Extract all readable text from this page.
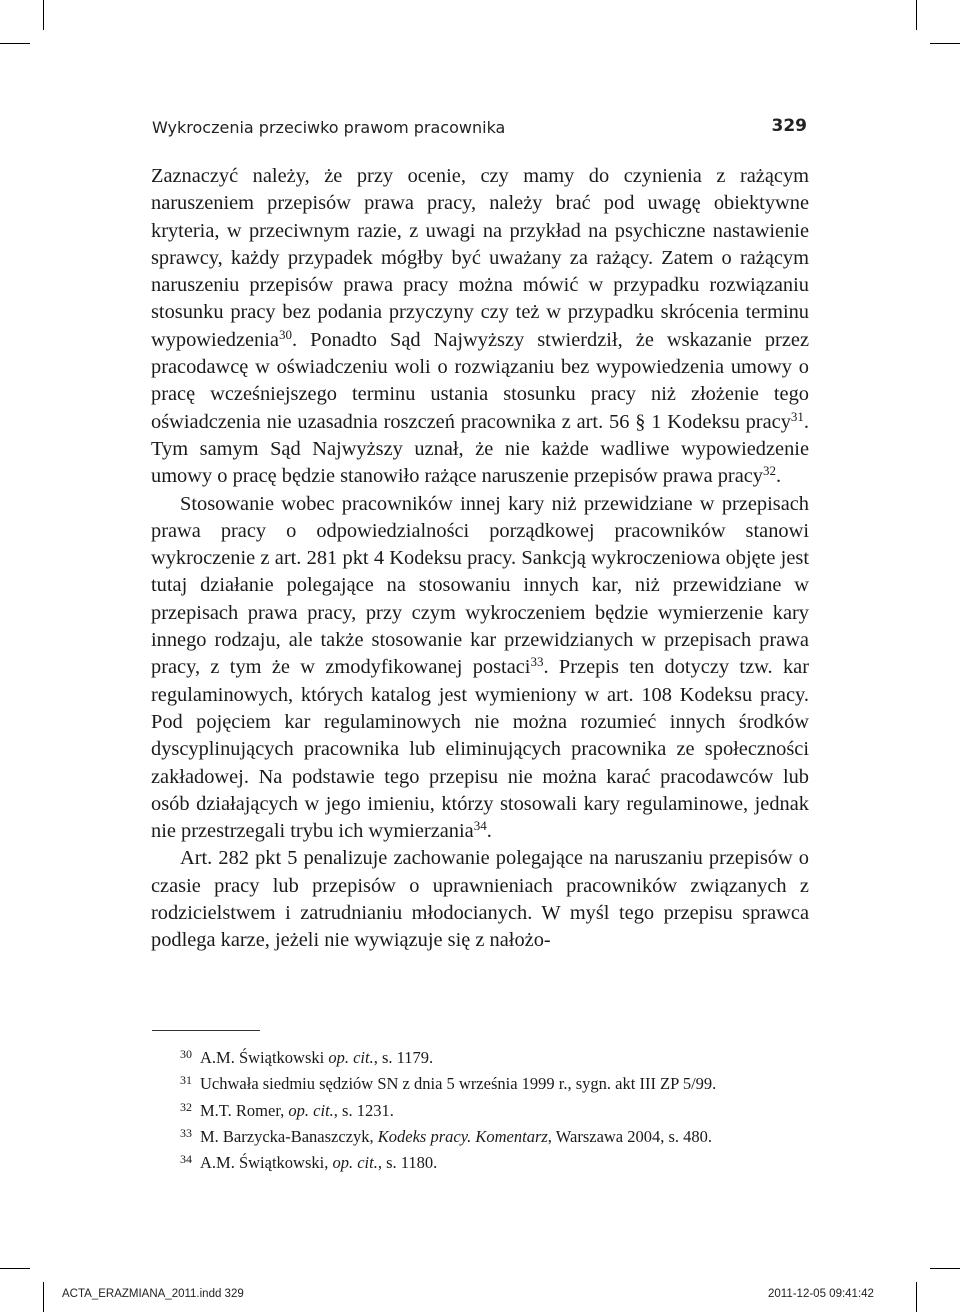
Wykroczenia przeciwko prawom pracownika	329

Zaznaczyć należy, że przy ocenie, czy mamy do czynienia z rażącym naruszeniem przepisów prawa pracy, należy brać pod uwagę obiektywne kryteria, w przeciwnym razie, z uwagi na przykład na psychiczne nastawienie sprawcy, każdy przypadek mógłby być uważany za rażący. Zatem o rażącym naruszeniu przepisów prawa pracy można mówić w przypadku rozwiązaniu stosunku pracy bez podania przyczyny czy też w przypadku skrócenia terminu wypowiedzenia$^{30}$. Ponadto Sąd Najwyższy stwierdził, że wskazanie przez pracodawcę w oświadczeniu woli o rozwiązaniu bez wypowiedzenia umowy o pracę wcześniejszego terminu ustania stosunku pracy niż złożenie tego oświadczenia nie uzasadnia roszczeń pracownika z art. 56 § 1 Kodeksu pracy$^{31}$. Tym samym Sąd Najwyższy uznał, że nie każde wadliwe wypowiedzenie umowy o pracę będzie stanowiło rażące naruszenie przepisów prawa pracy$^{32}$.

Stosowanie wobec pracowników innej kary niż przewidziane w przepisach prawa pracy o odpowiedzialności porządkowej pracowników stanowi wykroczenie z art. 281 pkt 4 Kodeksu pracy. Sankcją wykroczeniowa objęte jest tutaj działanie polegające na stosowaniu innych kar, niż przewidziane w przepisach prawa pracy, przy czym wykroczeniem będzie wymierzenie kary innego rodzaju, ale także stosowanie kar przewidzianych w przepisach prawa pracy, z tym że w zmodyfikowanej postaci$^{33}$. Przepis ten dotyczy tzw. kar regulaminowych, których katalog jest wymieniony w art. 108 Kodeksu pracy. Pod pojęciem kar regulaminowych nie można rozumieć innych środków dyscyplinujących pracownika lub eliminujących pracownika ze społeczności zakładowej. Na podstawie tego przepisu nie można karać pracodawców lub osób działających w jego imieniu, którzy stosowali kary regulaminowe, jednak nie przestrzegali trybu ich wymierzania$^{34}$.

Art. 282 pkt 5 penalizuje zachowanie polegające na naruszaniu przepisów o czasie pracy lub przepisów o uprawnieniach pracowników związanych z rodzicielstwem i zatrudnianiu młodocianych. W myśl tego przepisu sprawca podlega karze, jeżeli nie wywiązuje się z nałożo-

$^{30}$ A.M. Świątkowski op. cit., s. 1179.
$^{31}$ Uchwała siedmiu sędziów SN z dnia 5 września 1999 r., sygn. akt III ZP 5/99.
$^{32}$ M.T. Romer, op. cit., s. 1231.
$^{33}$ M. Barzycka-Banaszczyk, Kodeks pracy. Komentarz, Warszawa 2004, s. 480.
$^{34}$ A.M. Świątkowski, op. cit., s. 1180.
ACTA_ERAZMIANA_2011.indd 329	2011-12-05 09:41:42
